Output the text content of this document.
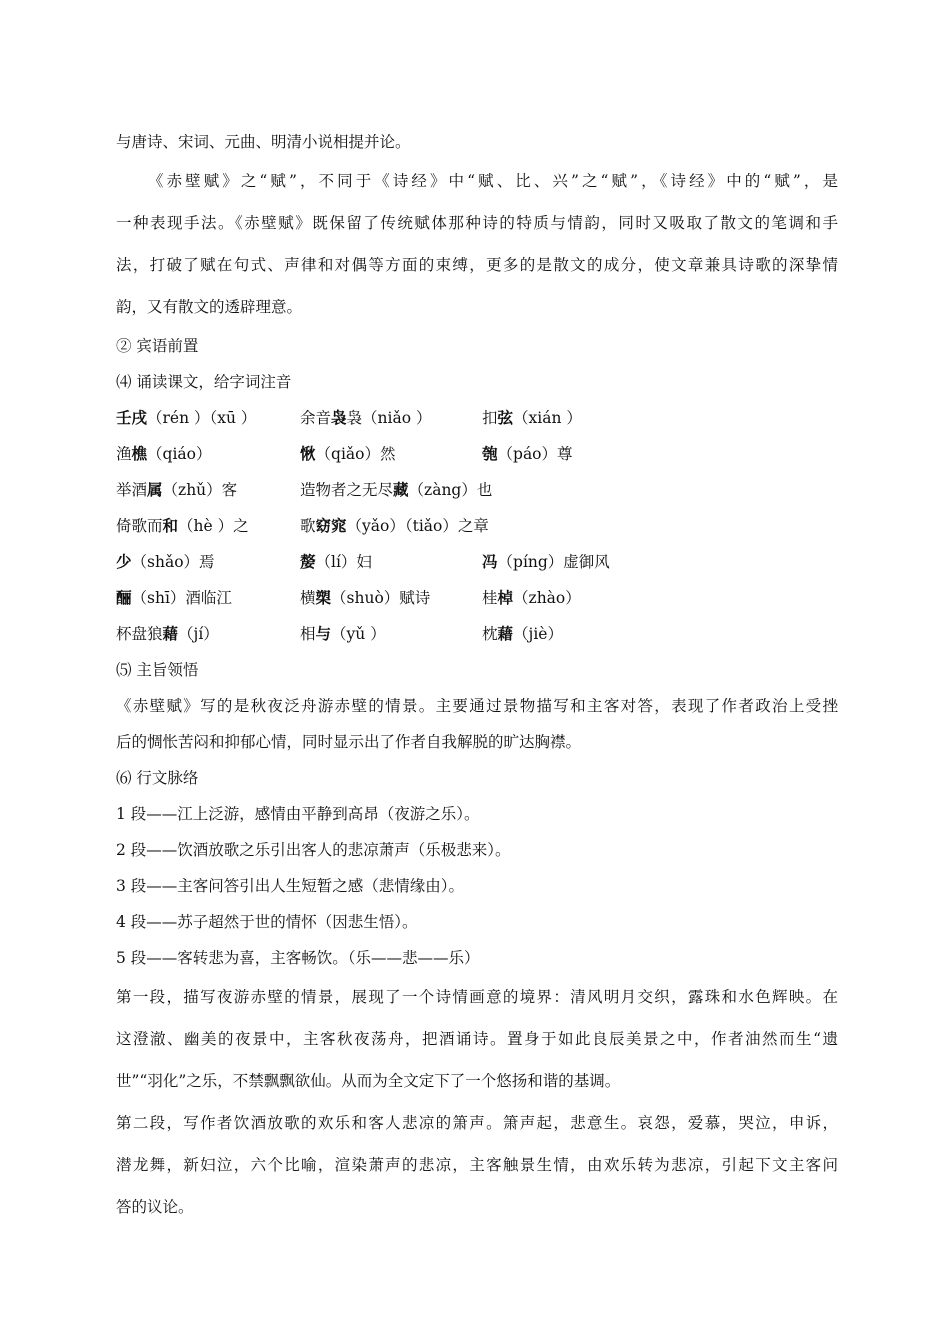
与唐诗、宋词、元曲、明清小说相提并论。
《赤壁赋》之“赋”，不同于《诗经》中“赋、比、兴”之“赋”，《诗经》中的“赋”，是
一种表现手法。《赤壁赋》既保留了传统赋体那种诗的特质与情韵，同时又吸取了散文的笔调和手
法，打破了赋在句式、声律和对偶等方面的束缚，更多的是散文的成分，使文章兼具诗歌的深挚情
韵，又有散文的透辟理意。
② 宾语前置
⑷ 诵读课文，给字词注音
壬戌（rén ）（xū ）	余音袅袅（niǎo ）	扣弦（xián ）
渔樵（qiáo）	愀（qiǎo）然	匏（páo）尊
举酒属（zhǔ）客	造物者之无尽藏（zàng）也
倚歌而和（hè ）之	歌窈窕（yǎo）（tiǎo）之章
少（shǎo）焉	嫠（lí）妇	冯（píng）虚御风
酾（shī）酒临江	横槊（shuò）赋诗	桂棹（zhào）
杯盘狼藉（jí）	相与（yǔ ）	枕藉（jiè）
⑸ 主旨领悟
《赤壁赋》写的是秋夜泛舟游赤壁的情景。主要通过景物描写和主客对答，表现了作者政治上受挫
后的惆怅苦闷和抑郁心情，同时显示出了作者自我解脱的旷达胸襟。
⑹ 行文脉络
1 段——江上泛游，感情由平静到高昂（夜游之乐）。
2 段——饮酒放歌之乐引出客人的悲凉萧声（乐极悲来）。
3 段——主客问答引出人生短暂之感（悲情缘由）。
4 段——苏子超然于世的情怀（因悲生悟）。
5 段——客转悲为喜，主客畅饮。（乐——悲——乐）
第一段，描写夜游赤壁的情景，展现了一个诗情画意的境界：清风明月交织，露珠和水色辉映。在
这澄澈、幽美的夜景中，主客秋夜荡舟，把酒诵诗。置身于如此良辰美景之中，作者油然而生“遗
世”“羽化”之乐，不禁飘飘欲仙。从而为全文定下了一个悠扬和谐的基调。
第二段，写作者饮酒放歌的欢乐和客人悲凉的箫声。箫声起，悲意生。哀怨，爱慕，哭泣，申诉，
潜龙舞，新妇泣，六个比喻，渲染萧声的悲凉，主客触景生情，由欢乐转为悲凉，引起下文主客问
答的议论。
